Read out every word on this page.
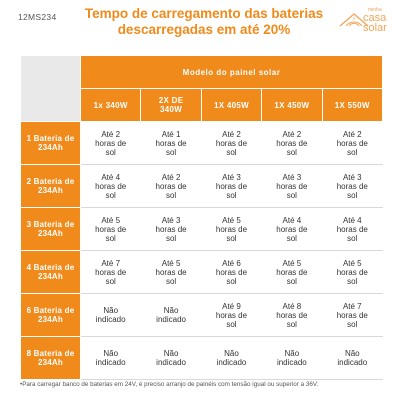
12MS234	Tempo de carregamento das baterias
descarregadas em até 20%
minha
casa
solar
	Modelo do painel solar				
	1x 340W	2X DE 340W	1X 405W	1X 450W	1X 550W

1 Bateria de 234Ah	Até 2 horas de sol	Até 1 horas de sol	Até 2 horas de sol	Até 2 horas de sol	Até 2 horas de sol

2 Bateria de 234Ah	Até 4 horas de sol	Até 2 horas de sol	Até 3 horas de sol	Até 3 horas de sol	Até 3 horas de sol

3 Bateria de 234Ah	Até 5 horas de sol	Até 3 horas de sol	Até 5 horas de sol	Até 4 horas de sol	Até 4 horas de sol

4 Bateria de 234Ah	Até 7 horas de sol	Até 5 horas de sol	Até 6 horas de sol	Até 5 horas de sol	Até 5 horas de sol

6 Bateria de 234Ah	Não indicado	Não indicado	Até 9 horas de sol	Até 8 horas de sol	Até 7 horas de sol

8 Bateria de 234Ah	Não indicado	Não indicado	Não indicado	Não indicado	Não indicado
•Para carregar banco de baterias em 24V, é preciso arranjo de painéis com tensão igual ou superior a 36V.
